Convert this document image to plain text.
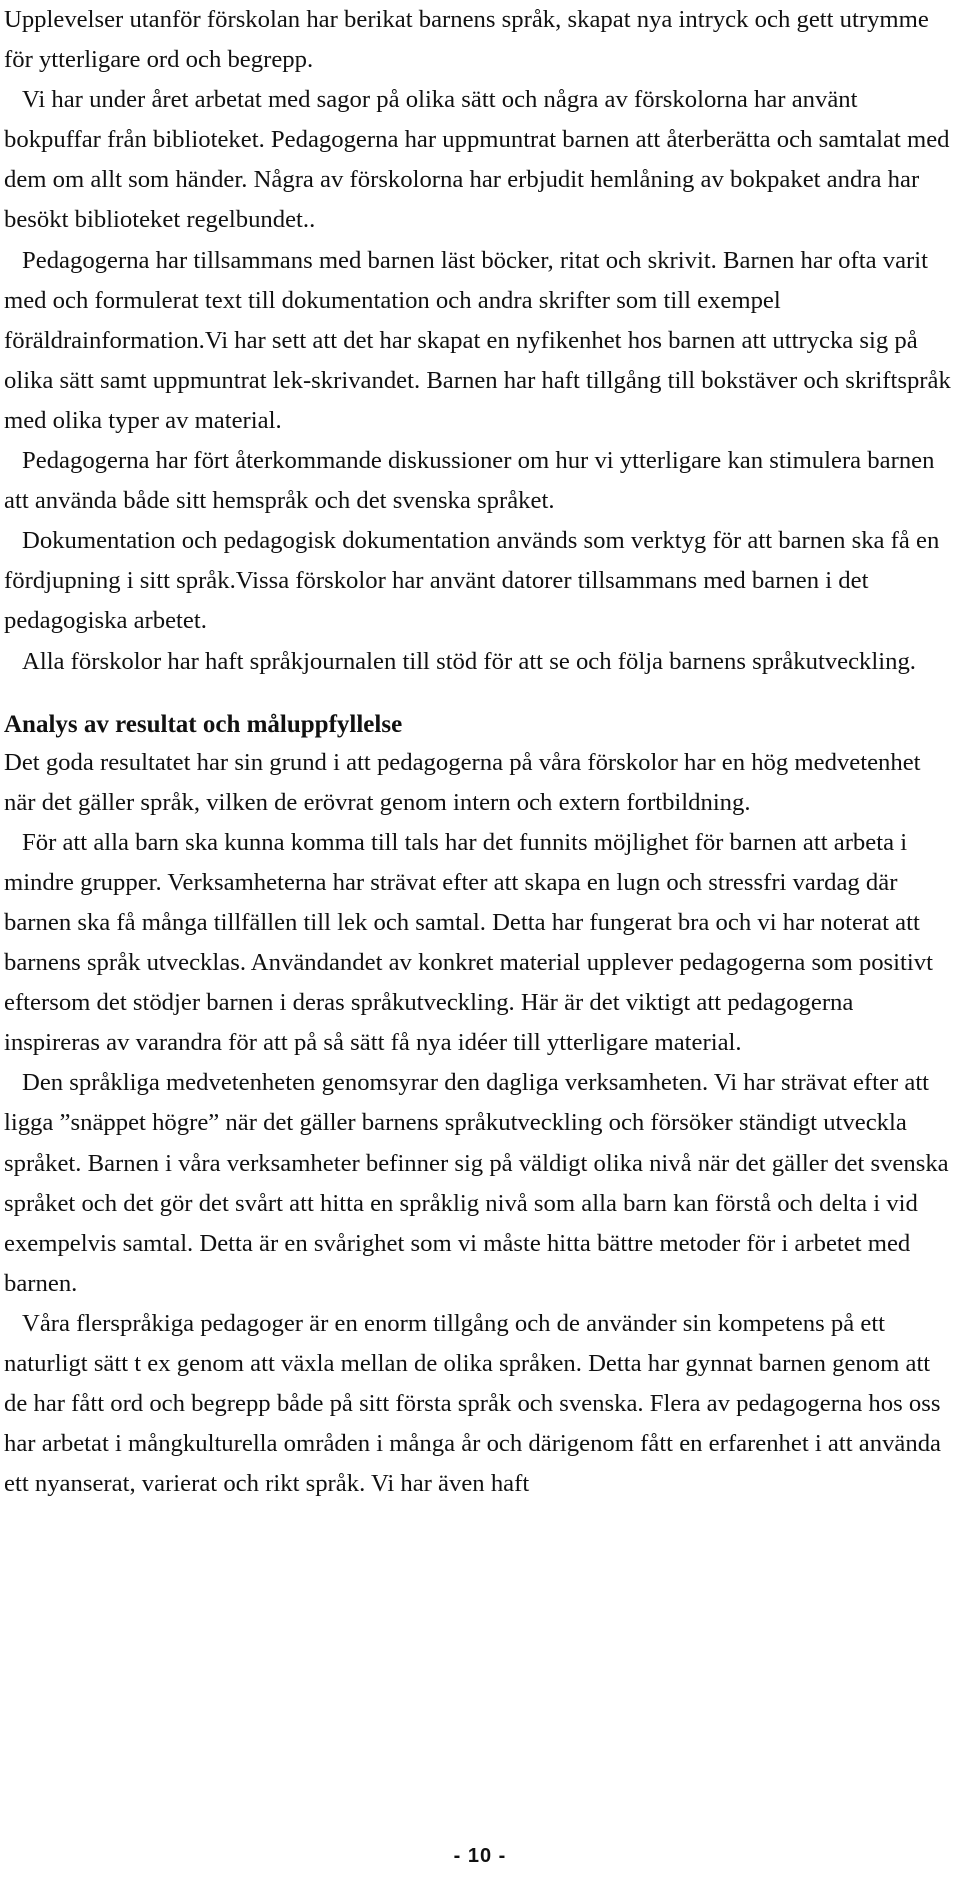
Upplevelser utanför förskolan har berikat barnens språk, skapat nya intryck och gett utrymme för ytterligare ord och begrepp.

Vi har under året arbetat med sagor på olika sätt och några av förskolorna har använt bokpuffar från biblioteket. Pedagogerna har uppmuntrat barnen att återberätta och samtalat med dem om allt som händer. Några av förskolorna har erbjudit hemlåning av bokpaket andra har besökt biblioteket regelbundet..

Pedagogerna har tillsammans med barnen läst böcker, ritat och skrivit. Barnen har ofta varit med och formulerat text till dokumentation och andra skrifter som till exempel föräldrainformation.Vi har sett att det har skapat en nyfikenhet hos barnen att uttrycka sig på olika sätt samt uppmuntrat lek-skrivandet. Barnen har haft tillgång till bokstäver och skriftspråk med olika typer av material.

Pedagogerna har fört återkommande diskussioner om hur vi ytterligare kan stimulera barnen att använda både sitt hemspråk och det svenska språket.

Dokumentation och pedagogisk dokumentation används som verktyg för att barnen ska få en fördjupning i sitt språk.Vissa förskolor har använt datorer tillsammans med barnen i det pedagogiska arbetet.

Alla förskolor har haft språkjournalen till stöd för att se och följa barnens språkutveckling.

Analys av resultat och måluppfyllelse

Det goda resultatet har sin grund i att pedagogerna på våra förskolor har en hög medvetenhet när det gäller språk, vilken de erövrat genom intern och extern fortbildning.

För att alla barn ska kunna komma till tals har det funnits möjlighet för barnen att arbeta i mindre grupper. Verksamheterna har strävat efter att skapa en lugn och stressfri vardag där barnen ska få många tillfällen till lek och samtal. Detta har fungerat bra och vi har noterat att barnens språk utvecklas. Användandet av konkret material upplever pedagogerna som positivt eftersom det stödjer barnen i deras språkutveckling. Här är det viktigt att pedagogerna inspireras av varandra för att på så sätt få nya idéer till ytterligare material.

Den språkliga medvetenheten genomsyrar den dagliga verksamheten. Vi har strävat efter att ligga ”snäppet högre” när det gäller barnens språkutveckling och försöker ständigt utveckla språket. Barnen i våra verksamheter befinner sig på väldigt olika nivå när det gäller det svenska språket och det gör det svårt att hitta en språklig nivå som alla barn kan förstå och delta i vid exempelvis samtal. Detta är en svårighet som vi måste hitta bättre metoder för i arbetet med barnen.

Våra flerspråkiga pedagoger är en enorm tillgång och de använder sin kompetens på ett naturligt sätt t ex genom att växla mellan de olika språken. Detta har gynnat barnen genom att de har fått ord och begrepp både på sitt första språk och svenska. Flera av pedagogerna hos oss har arbetat i mångkulturella områden i många år och därigenom fått en erfarenhet i att använda ett nyanserat, varierat och rikt språk. Vi har även haft

- 10 -
